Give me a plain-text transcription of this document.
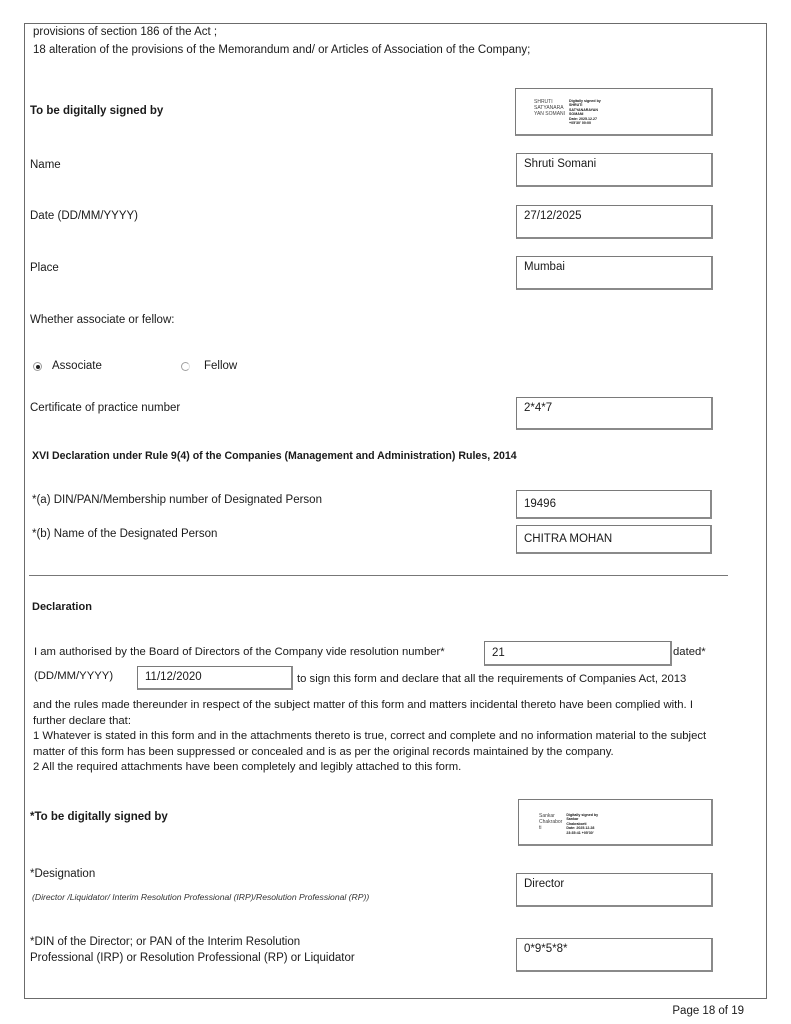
provisions of section 186 of the Act ;
18 alteration of the provisions of the Memorandum and/ or Articles of Association of the Company;
To be digitally signed by
SHRUTI
SATYANARA
YAN SOMANI
Digitally signed by
SHRUTI
SATYANARAYAN
SOMANI
Date: 2025.12.27
+05'30' 00:00
Name	Shruti Somani
Date (DD/MM/YYYY)	27/12/2025
Place	Mumbai
Whether associate or fellow:
Associate	Fellow
Certificate of practice number	2*4*7
XVI Declaration under Rule 9(4) of the Companies (Management and Administration) Rules, 2014
*(a) DIN/PAN/Membership number of Designated Person	19496
*(b) Name of the Designated Person	CHITRA MOHAN
Declaration
I am authorised by the Board of Directors of the Company vide resolution number*	21	dated*
(DD/MM/YYYY)	11/12/2020	to sign this form and declare that all the requirements of Companies Act, 2013
and the rules made thereunder in respect of the subject matter of this form and matters incidental thereto have been complied with. I further declare that:
1 Whatever is stated in this form and in the attachments thereto is true, correct and complete and no information material to the subject matter of this form has been suppressed or concealed and is as per the original records maintained by the company.
2 All the required attachments have been completely and legibly attached to this form.
*To be digitally signed by	Sankar
Chakrabor
ti
Digitally signed by
Sankar
Chakraborti
Date: 2025.12.28
23:35:41 +05'30'
*Designation
(Director /Liquidator/ Interim Resolution Professional (IRP)/Resolution Professional (RP))
Director
*DIN of the Director; or PAN of the Interim Resolution
Professional (IRP) or Resolution Professional (RP) or Liquidator
0*9*5*8*
Page 18 of 19
